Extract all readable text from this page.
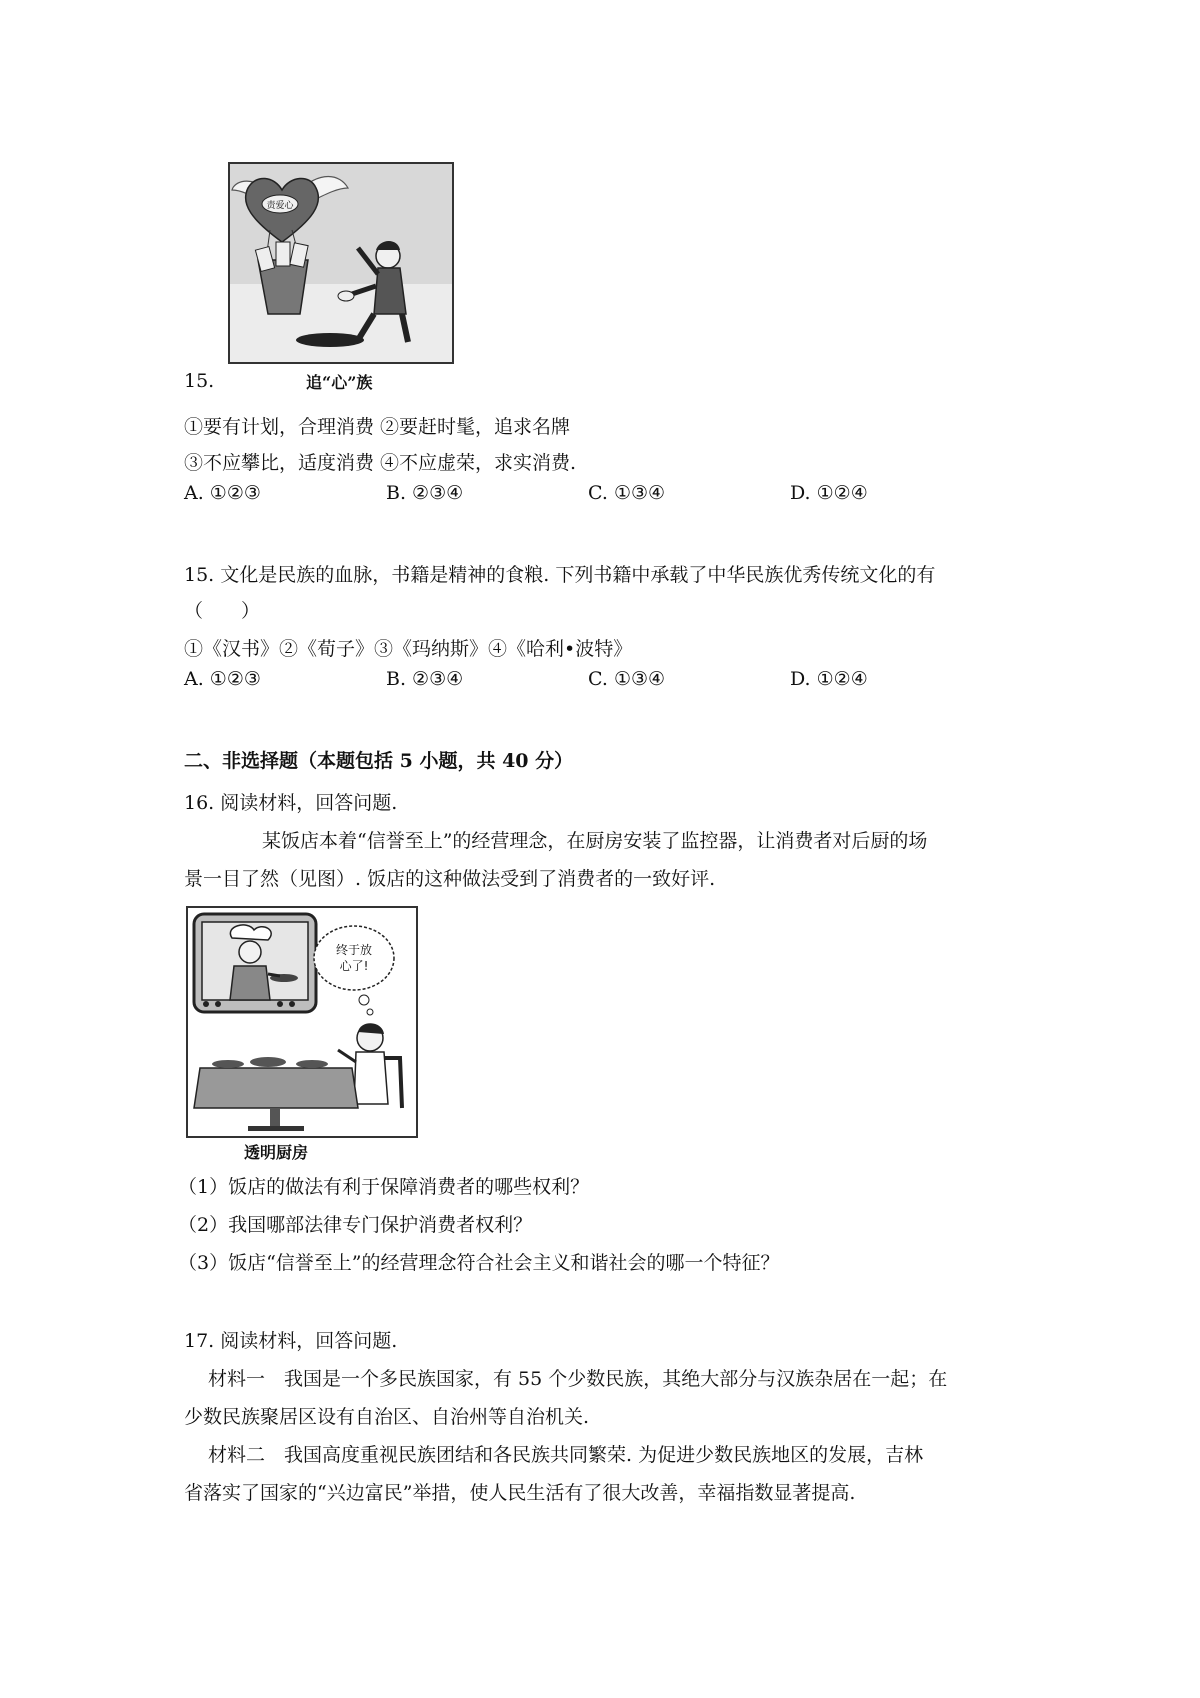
责爱心
15.	追“心”族
①要有计划，合理消费 ②要赶时髦，追求名牌
③不应攀比，适度消费 ④不应虚荣，求实消费.
A. ①②③	B. ②③④	C. ①③④	D. ①②④
15. 文化是民族的血脉，书籍是精神的食粮. 下列书籍中承载了中华民族优秀传统文化的有
（　　）
①《汉书》②《荀子》③《玛纳斯》④《哈利•波特》
A. ①②③	B. ②③④	C. ①③④	D. ①②④
二、非选择题（本题包括 5 小题，共 40 分）
16. 阅读材料，回答问题.
某饭店本着“信誉至上”的经营理念，在厨房安装了监控器，让消费者对后厨的场
景一目了然（见图）. 饭店的这种做法受到了消费者的一致好评.
终于放
心了!
透明厨房
（1）饭店的做法有利于保障消费者的哪些权利？
（2）我国哪部法律专门保护消费者权利？
（3）饭店“信誉至上”的经营理念符合社会主义和谐社会的哪一个特征？
17. 阅读材料，回答问题.
材料一　我国是一个多民族国家，有 55 个少数民族，其绝大部分与汉族杂居在一起；在
少数民族聚居区设有自治区、自治州等自治机关.
材料二　我国高度重视民族团结和各民族共同繁荣. 为促进少数民族地区的发展，吉林
省落实了国家的“兴边富民”举措，使人民生活有了很大改善，幸福指数显著提高.
